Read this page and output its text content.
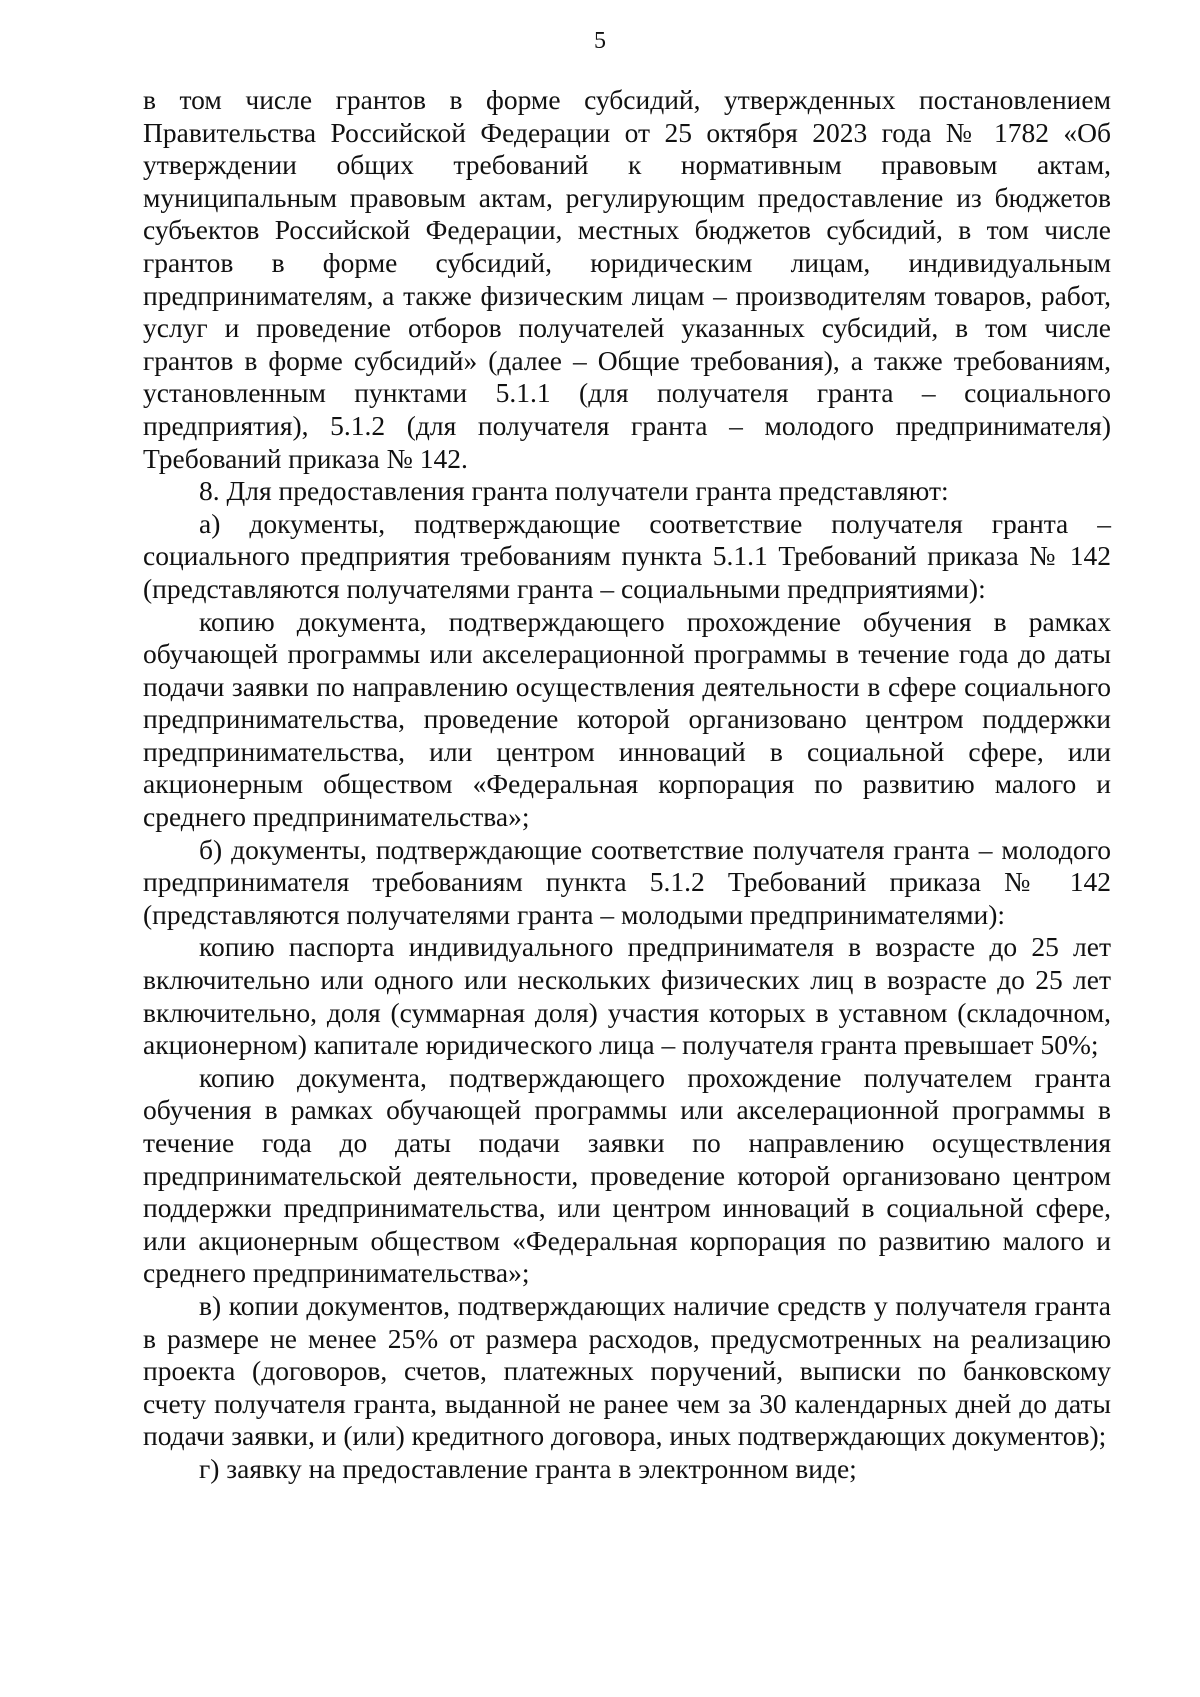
5

в том числе грантов в форме субсидий, утвержденных постановлением Правительства Российской Федерации от 25 октября 2023 года № 1782 «Об утверждении общих требований к нормативным правовым актам, муниципальным правовым актам, регулирующим предоставление из бюджетов субъектов Российской Федерации, местных бюджетов субсидий, в том числе грантов в форме субсидий, юридическим лицам, индивидуальным предпринимателям, а также физическим лицам – производителям товаров, работ, услуг и проведение отборов получателей указанных субсидий, в том числе грантов в форме субсидий» (далее – Общие требования), а также требованиям, установленным пунктами 5.1.1 (для получателя гранта – социального предприятия), 5.1.2 (для получателя гранта – молодого предпринимателя) Требований приказа № 142.

8. Для предоставления гранта получатели гранта представляют:

а) документы, подтверждающие соответствие получателя гранта – социального предприятия требованиям пункта 5.1.1 Требований приказа № 142 (представляются получателями гранта – социальными предприятиями):

копию документа, подтверждающего прохождение обучения в рамках обучающей программы или акселерационной программы в течение года до даты подачи заявки по направлению осуществления деятельности в сфере социального предпринимательства, проведение которой организовано центром поддержки предпринимательства, или центром инноваций в социальной сфере, или акционерным обществом «Федеральная корпорация по развитию малого и среднего предпринимательства»;

б) документы, подтверждающие соответствие получателя гранта – молодого предпринимателя требованиям пункта 5.1.2 Требований приказа № 142 (представляются получателями гранта – молодыми предпринимателями):

копию паспорта индивидуального предпринимателя в возрасте до 25 лет включительно или одного или нескольких физических лиц в возрасте до 25 лет включительно, доля (суммарная доля) участия которых в уставном (складочном, акционерном) капитале юридического лица – получателя гранта превышает 50%;

копию документа, подтверждающего прохождение получателем гранта обучения в рамках обучающей программы или акселерационной программы в течение года до даты подачи заявки по направлению осуществления предпринимательской деятельности, проведение которой организовано центром поддержки предпринимательства, или центром инноваций в социальной сфере, или акционерным обществом «Федеральная корпорация по развитию малого и среднего предпринимательства»;

в) копии документов, подтверждающих наличие средств у получателя гранта в размере не менее 25% от размера расходов, предусмотренных на реализацию проекта (договоров, счетов, платежных поручений, выписки по банковскому счету получателя гранта, выданной не ранее чем за 30 календарных дней до даты подачи заявки, и (или) кредитного договора, иных подтверждающих документов);

г) заявку на предоставление гранта в электронном виде;
